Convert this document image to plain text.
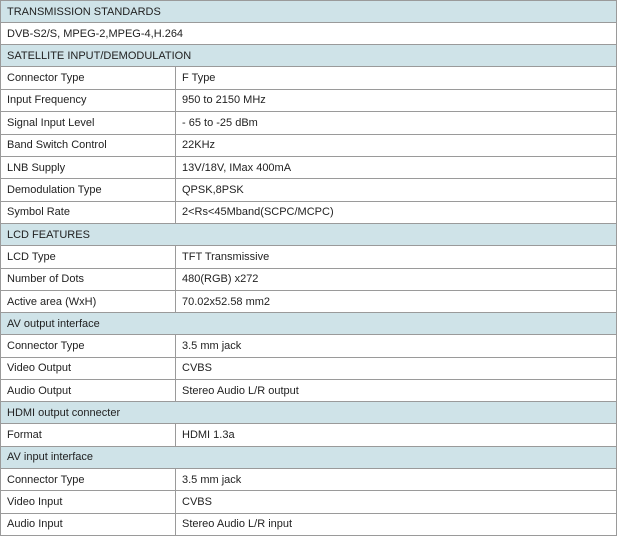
TRANSMISSION STANDARDS	
DVB-S2/S, MPEG-2,MPEG-4,H.264	
SATELLITE INPUT/DEMODULATION	
Connector Type	F Type
Input Frequency	950 to 2150 MHz
Signal Input Level	- 65 to -25 dBm
Band Switch Control	22KHz
LNB Supply	13V/18V, IMax 400mA
Demodulation Type	QPSK,8PSK
Symbol Rate	2<Rs<45Mband(SCPC/MCPC)
LCD FEATURES	
LCD Type	TFT Transmissive
Number of Dots	480(RGB) x272
Active area (WxH)	70.02x52.58 mm2
AV output interface	
Connector Type	3.5 mm jack
Video Output	CVBS
Audio Output	Stereo Audio L/R output
HDMI output connecter	
Format	HDMI 1.3a
AV input interface	
Connector Type	3.5 mm jack
Video Input	CVBS
Audio Input	Stereo Audio L/R input
